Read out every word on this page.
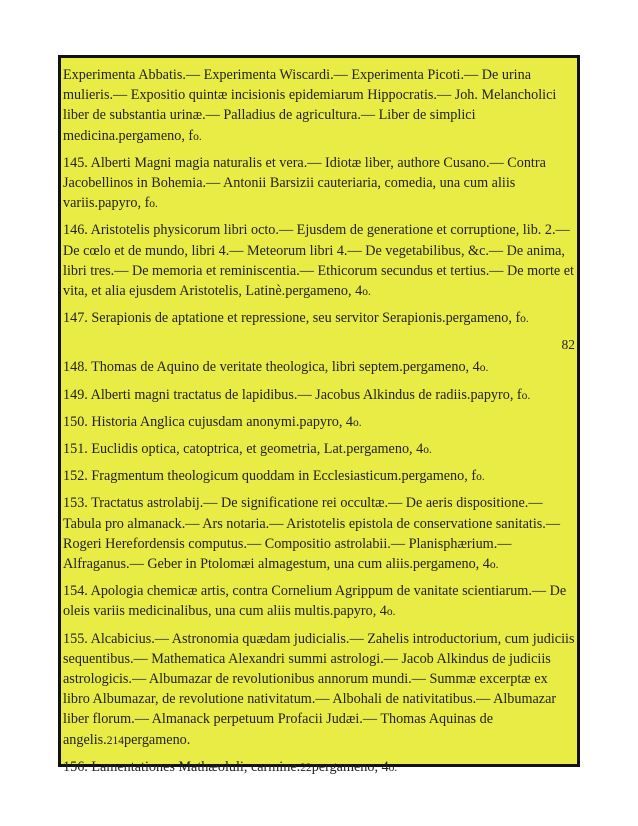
Experimenta Abbatis.— Experimenta Wiscardi.— Experimenta Picoti.— De urina mulieris.— Expositio quintæ incisionis epidemiarum Hippocratis.— Joh. Melancholici liber de substantia urinæ.— Palladius de agricultura.— Liber de simplici medicina.pergameno, fo.

145. Alberti Magni magia naturalis et vera.— Idiotæ liber, authore Cusano.— Contra Jacobellinos in Bohemia.— Antonii Barsizii cauteriaria, comedia, una cum aliis variis.papyro, fo.

146. Aristotelis physicorum libri octo.— Ejusdem de generatione et corruptione, lib. 2.— De cœlo et de mundo, libri 4.— Meteorum libri 4.— De vegetabilibus, &c.— De anima, libri tres.— De memoria et reminiscentia.— Ethicorum secundus et tertius.— De morte et vita, et alia ejusdem Aristotelis, Latinè.pergameno, 4o.

147. Serapionis de aptatione et repressione, seu servitor Serapionis.pergameno, fo.

82

148. Thomas de Aquino de veritate theologica, libri septem.pergameno, 4o.

149. Alberti magni tractatus de lapidibus.— Jacobus Alkindus de radiis.papyro, fo.

150. Historia Anglica cujusdam anonymi.papyro, 4o.

151. Euclidis optica, catoptrica, et geometria, Lat.pergameno, 4o.

152. Fragmentum theologicum quoddam in Ecclesiasticum.pergameno, fo.

153. Tractatus astrolabij.— De significatione rei occultæ.— De aeris dispositione.— Tabula pro almanack.— Ars notaria.— Aristotelis epistola de conservatione sanitatis.— Rogeri Herefordensis computus.— Compositio astrolabii.— Planisphærium.— Alfraganus.— Geber in Ptolomæi almagestum, una cum aliis.pergameno, 4o.

154. Apologia chemicæ artis, contra Cornelium Agrippum de vanitate scientiarum.— De oleis variis medicinalibus, una cum aliis multis.papyro, 4o.

155. Alcabicius.— Astronomia quædam judicialis.— Zahelis introductorium, cum judiciis sequentibus.— Mathematica Alexandri summi astrologi.— Jacob Alkindus de judiciis astrologicis.— Albumazar de revolutionibus annorum mundi.— Summæ excerptæ ex libro Albumazar, de revolutione nativitatum.— Albohali de nativitatibus.— Albumazar liber florum.— Almanack perpetuum Profacii Judæi.— Thomas Aquinas de angelis.214pergameno.

156. Lamentationes Mathæoluli, carmine.22pergameno, 4o.
